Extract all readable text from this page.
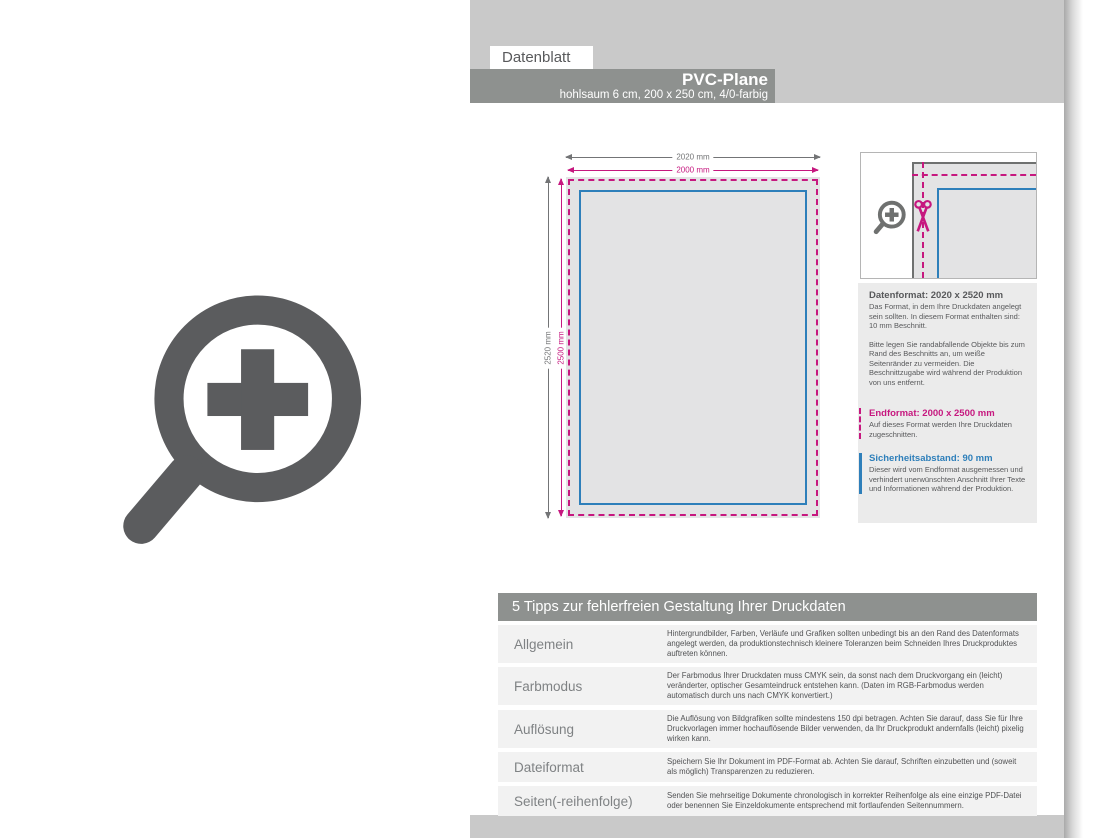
Datenblatt
PVC-Plane
hohlsaum 6 cm, 200 x 250 cm, 4/0-farbig
2020 mm
2000 mm
2520 mm 2500 mm
Datenformat: 2020 x 2520 mm

Das Format, in dem Ihre Druckdaten angelegt sein sollten. In diesem Format enthalten sind: 10 mm Beschnitt.

Bitte legen Sie randabfallende Objekte bis zum Rand des Beschnitts an, um weiße Seitenränder zu vermeiden. Die Beschnittzugabe wird während der Produktion von uns entfernt.

Endformat: 2000 x 2500 mm

Auf dieses Format werden Ihre Druckdaten zugeschnitten.

Sicherheitsabstand: 90 mm

Dieser wird vom Endformat ausgemessen und verhindert unerwünschten Anschnitt Ihrer Texte und Informationen während der Produktion.

5 Tipps zur fehlerfreien Gestaltung Ihrer Druckdaten
Allgemein
Hintergrundbilder, Farben, Verläufe und Grafiken sollten unbedingt bis an den Rand des Datenformats angelegt werden, da produktionstechnisch kleinere Toleranzen beim Schneiden Ihres Druckproduktes auftreten können.
Farbmodus
Der Farbmodus Ihrer Druckdaten muss CMYK sein, da sonst nach dem Druckvorgang ein (leicht) veränderter, optischer Gesamteindruck entstehen kann. (Daten im RGB-Farbmodus werden automatisch durch uns nach CMYK konvertiert.)
Auflösung
Die Auflösung von Bildgrafiken sollte mindestens 150 dpi betragen. Achten Sie darauf, dass Sie für Ihre Druckvorlagen immer hochauflösende Bilder verwenden, da Ihr Druckprodukt andernfalls (leicht) pixelig wirken kann.
Dateiformat	Speichern Sie Ihr Dokument im PDF-Format ab. Achten Sie darauf, Schriften einzubetten und (soweit als möglich) Transparenzen zu reduzieren.
Seiten(-reihenfolge)	Senden Sie mehrseitige Dokumente chronologisch in korrekter Reihenfolge als eine einzige PDF-Datei oder benennen Sie Einzeldokumente entsprechend mit fortlaufenden Seitennummern.
